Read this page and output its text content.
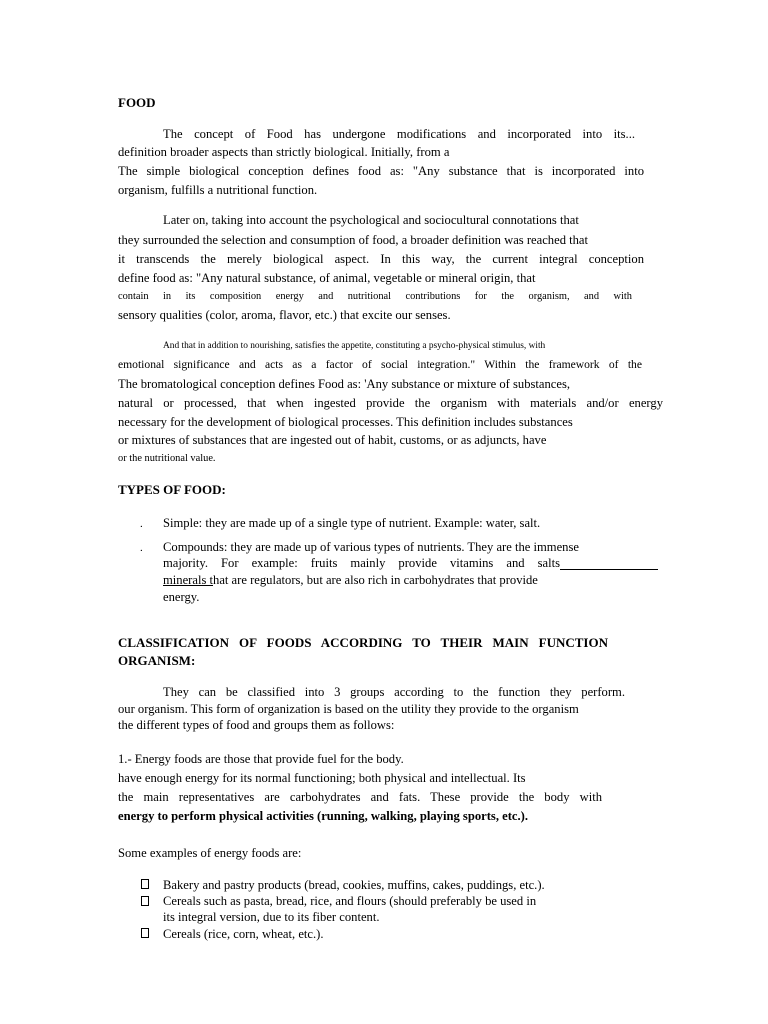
FOOD
The concept of Food has undergone modifications and incorporated into its...
definition broader aspects than strictly biological. Initially, from a
The simple biological conception defines food as: "Any substance that is incorporated into
organism, fulfills a nutritional function.
Later on, taking into account the psychological and sociocultural connotations that
they surrounded the selection and consumption of food, a broader definition was reached that
it transcends the merely biological aspect. In this way, the current integral conception
define food as: "Any natural substance, of animal, vegetable or mineral origin, that
contain in its composition energy and nutritional contributions for the organism, and with
sensory qualities (color, aroma, flavor, etc.) that excite our senses.
And that in addition to nourishing, satisfies the appetite, constituting a psycho-physical stimulus, with
emotional significance and acts as a factor of social integration." Within the framework of the
The bromatological conception defines Food as: 'Any substance or mixture of substances,
natural or processed, that when ingested provide the organism with materials and/or energy
necessary for the development of biological processes. This definition includes substances
or mixtures of substances that are ingested out of habit, customs, or as adjuncts, have
or the nutritional value.
TYPES OF FOOD:
. Simple: they are made up of a single type of nutrient. Example: water, salt.
. Compounds: they are made up of various types of nutrients. They are the immense
majority. For example: fruits mainly provide vitamins and salts
minerals that are regulators, but are also rich in carbohydrates that provide
energy.
CLASSIFICATION OF FOODS ACCORDING TO THEIR MAIN FUNCTION
ORGANISM:
They can be classified into 3 groups according to the function they perform.
our organism. This form of organization is based on the utility they provide to the organism
the different types of food and groups them as follows:
1.- Energy foods are those that provide fuel for the body.
have enough energy for its normal functioning; both physical and intellectual. Its
the main representatives are carbohydrates and fats. These provide the body with
energy to perform physical activities (running, walking, playing sports, etc.).
Some examples of energy foods are:
Bakery and pastry products (bread, cookies, muffins, cakes, puddings, etc.).
Cereals such as pasta, bread, rice, and flours (should preferably be used in
its integral version, due to its fiber content.
Cereals (rice, corn, wheat, etc.).
